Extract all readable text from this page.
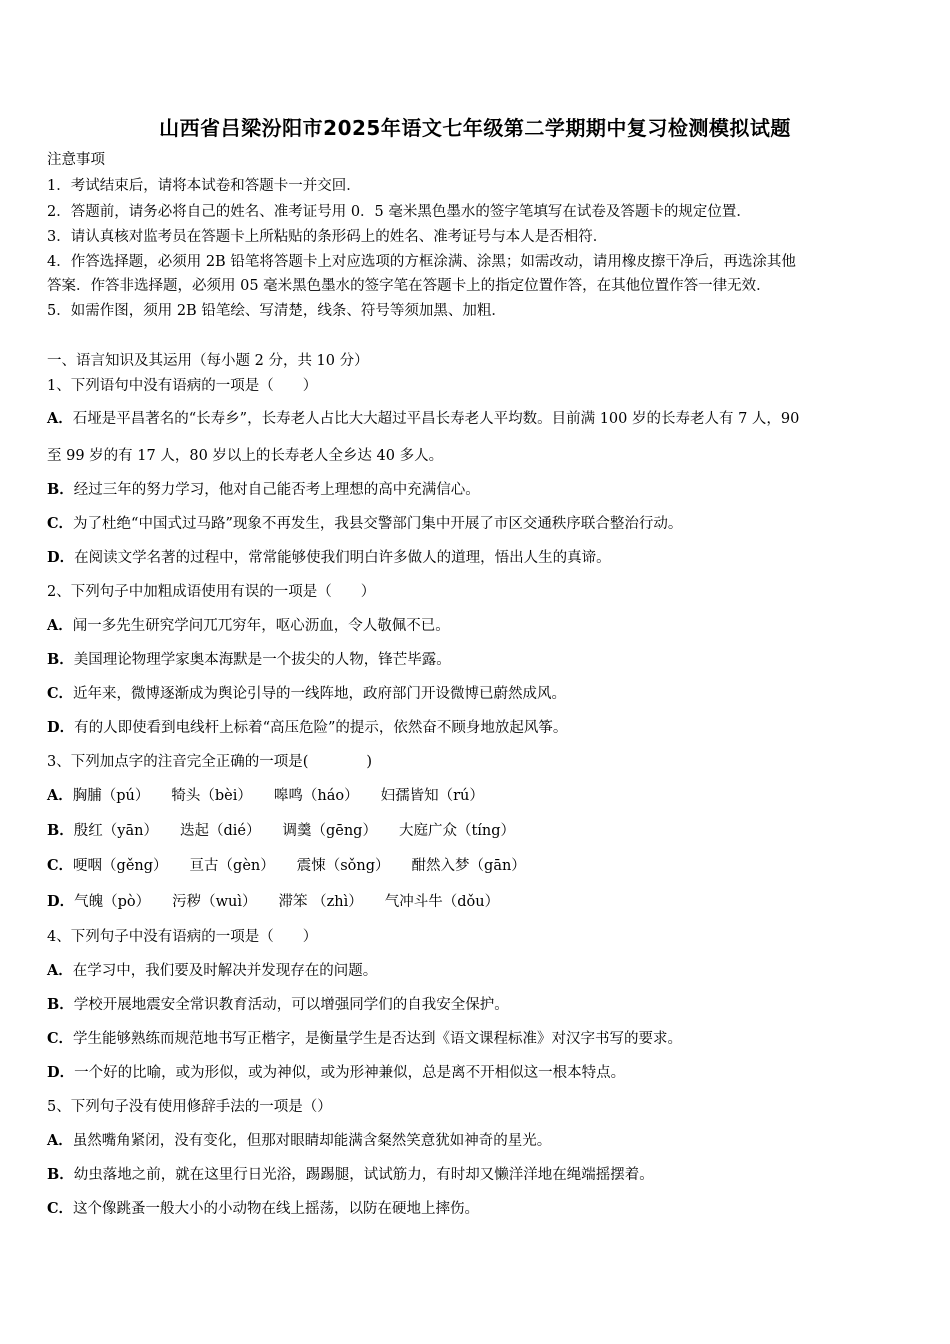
山西省吕梁汾阳市2025年语文七年级第二学期期中复习检测模拟试题
注意事项
1．考试结束后，请将本试卷和答题卡一并交回．
2．答题前，请务必将自己的姓名、准考证号用 0．5 毫米黑色墨水的签字笔填写在试卷及答题卡的规定位置．
3．请认真核对监考员在答题卡上所粘贴的条形码上的姓名、准考证号与本人是否相符．
4．作答选择题，必须用 2B 铅笔将答题卡上对应选项的方框涂满、涂黑；如需改动，请用橡皮擦干净后，再选涂其他
答案．作答非选择题，必须用 05 毫米黑色墨水的签字笔在答题卡上的指定位置作答，在其他位置作答一律无效．
5．如需作图，须用 2B 铅笔绘、写清楚，线条、符号等须加黑、加粗．
一、语言知识及其运用（每小题 2 分，共 10 分）
1、下列语句中没有语病的一项是（　　）
A．石垭是平昌著名的“长寿乡”，长寿老人占比大大超过平昌长寿老人平均数。目前满 100 岁的长寿老人有 7 人，90
至 99 岁的有 17 人，80 岁以上的长寿老人全乡达 40 多人。
B．经过三年的努力学习，他对自己能否考上理想的高中充满信心。
C．为了杜绝“中国式过马路”现象不再发生，我县交警部门集中开展了市区交通秩序联合整治行动。
D．在阅读文学名著的过程中，常常能够使我们明白许多做人的道理，悟出人生的真谛。
2、下列句子中加粗成语使用有误的一项是（　　）
A．闻一多先生研究学问兀兀穷年，呕心沥血，令人敬佩不已。
B．美国理论物理学家奥本海默是一个拔尖的人物，锋芒毕露。
C．近年来，微博逐渐成为舆论引导的一线阵地，政府部门开设微博已蔚然成风。
D．有的人即使看到电线杆上标着“高压危险”的提示，依然奋不顾身地放起风筝。
3、下列加点字的注音完全正确的一项是(　　　　)
A．胸脯（pú） 犄头（bèi） 嗥鸣（háo） 妇孺皆知（rú）
B．殷红（yān） 迭起（dié） 调羹（gēng） 大庭广众（tíng）
C．哽咽（gěng） 亘古（gèn） 震悚（sǒng） 酣然入梦（gān）
D．气魄（pò） 污秽（wuì） 滞笨 （zhì） 气冲斗牛（dǒu）
4、下列句子中没有语病的一项是（　　）
A．在学习中，我们要及时解决并发现存在的问题。
B．学校开展地震安全常识教育活动，可以增强同学们的自我安全保护。
C．学生能够熟练而规范地书写正楷字，是衡量学生是否达到《语文课程标准》对汉字书写的要求。
D．一个好的比喻，或为形似，或为神似，或为形神兼似，总是离不开相似这一根本特点。
5、下列句子没有使用修辞手法的一项是（）
A．虽然嘴角紧闭，没有变化，但那对眼睛却能满含粲然笑意犹如神奇的星光。
B．幼虫落地之前，就在这里行日光浴，踢踢腿，试试筋力，有时却又懒洋洋地在绳端摇摆着。
C．这个像跳蚤一般大小的小动物在线上摇荡，以防在硬地上摔伤。
